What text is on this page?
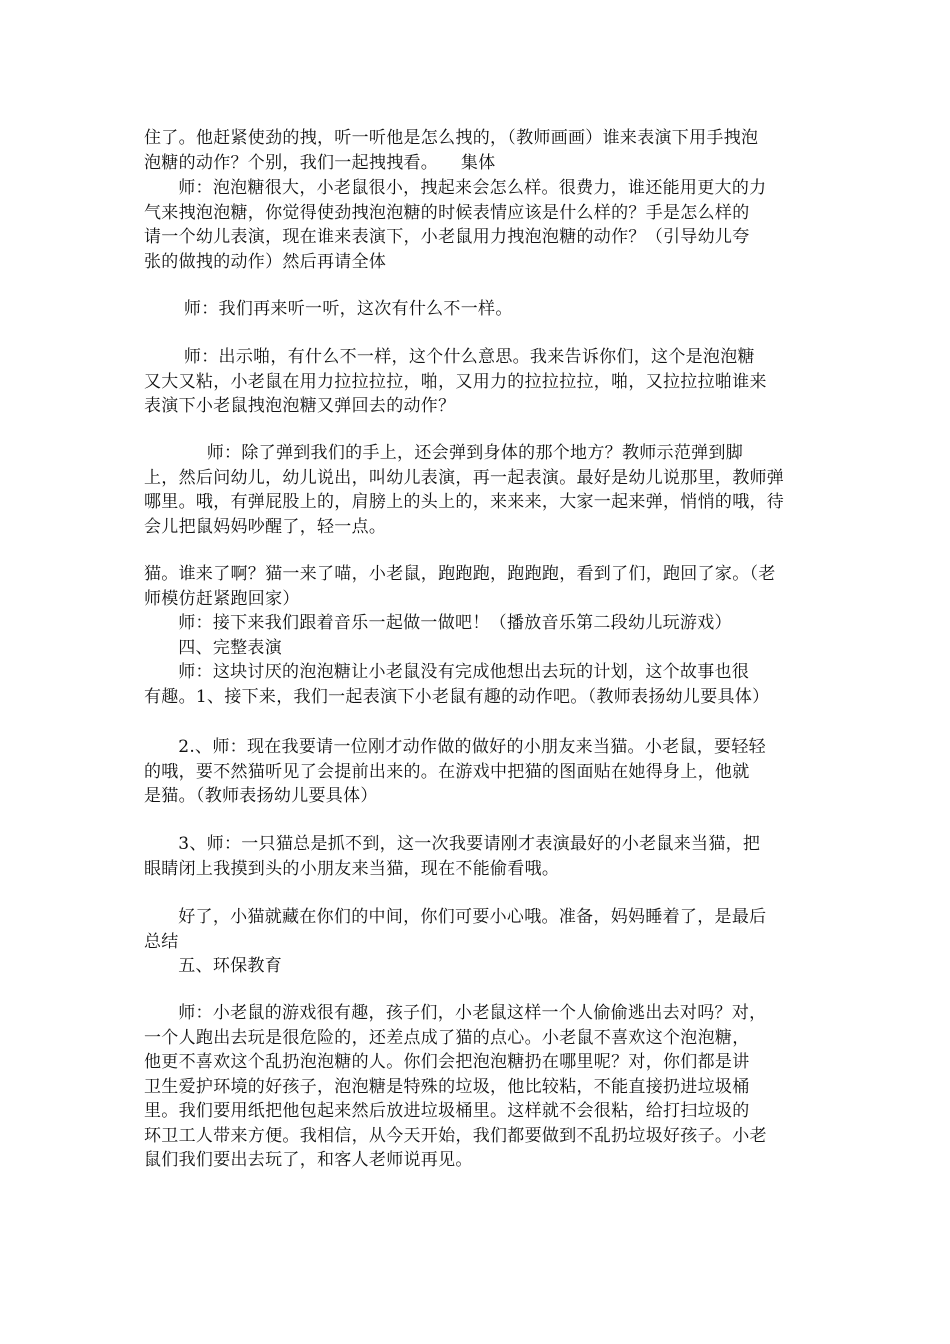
住了。他赶紧使劲的拽，听一听他是怎么拽的，（教师画画）谁来表演下用手拽泡
泡糖的动作？个别，我们一起拽拽看。    集体
师：泡泡糖很大，小老鼠很小，拽起来会怎么样。很费力，谁还能用更大的力
气来拽泡泡糖，你觉得使劲拽泡泡糖的时候表情应该是什么样的？手是怎么样的
请一个幼儿表演，现在谁来表演下，小老鼠用力拽泡泡糖的动作？（引导幼儿夸
张的做拽的动作）然后再请全体
师：我们再来听一听，这次有什么不一样。
师：出示啪，有什么不一样，这个什么意思。我来告诉你们，这个是泡泡糖
又大又粘，小老鼠在用力拉拉拉拉，啪，又用力的拉拉拉拉，啪，又拉拉拉啪谁来
表演下小老鼠拽泡泡糖又弹回去的动作？
师：除了弹到我们的手上，还会弹到身体的那个地方？教师示范弹到脚
上，然后问幼儿，幼儿说出，叫幼儿表演，再一起表演。最好是幼儿说那里，教师弹
哪里。哦，有弹屁股上的，肩膀上的头上的，来来来，大家一起来弹，悄悄的哦，待
会儿把鼠妈妈吵醒了，轻一点。
猫。谁来了啊？猫一来了喵，小老鼠，跑跑跑，跑跑跑，看到了们，跑回了家。（老
师模仿赶紧跑回家）
师：接下来我们跟着音乐一起做一做吧！（播放音乐第二段幼儿玩游戏）
四、完整表演
师：这块讨厌的泡泡糖让小老鼠没有完成他想出去玩的计划，这个故事也很
有趣。1、接下来，我们一起表演下小老鼠有趣的动作吧。（教师表扬幼儿要具体）
2.、师：现在我要请一位刚才动作做的做好的小朋友来当猫。小老鼠，要轻轻
的哦，要不然猫听见了会提前出来的。在游戏中把猫的图面贴在她得身上，他就
是猫。（教师表扬幼儿要具体）
3、师：一只猫总是抓不到，这一次我要请刚才表演最好的小老鼠来当猫，把
眼睛闭上我摸到头的小朋友来当猫，现在不能偷看哦。
好了，小猫就藏在你们的中间，你们可要小心哦。准备，妈妈睡着了，是最后
总结
五、环保教育
师：小老鼠的游戏很有趣，孩子们，小老鼠这样一个人偷偷逃出去对吗？对，
一个人跑出去玩是很危险的，还差点成了猫的点心。小老鼠不喜欢这个泡泡糖，
他更不喜欢这个乱扔泡泡糖的人。你们会把泡泡糖扔在哪里呢？对，你们都是讲
卫生爱护环境的好孩子，泡泡糖是特殊的垃圾，他比较粘，不能直接扔进垃圾桶
里。我们要用纸把他包起来然后放进垃圾桶里。这样就不会很粘，给打扫垃圾的
环卫工人带来方便。我相信，从今天开始，我们都要做到不乱扔垃圾好孩子。小老
鼠们我们要出去玩了，和客人老师说再见。
